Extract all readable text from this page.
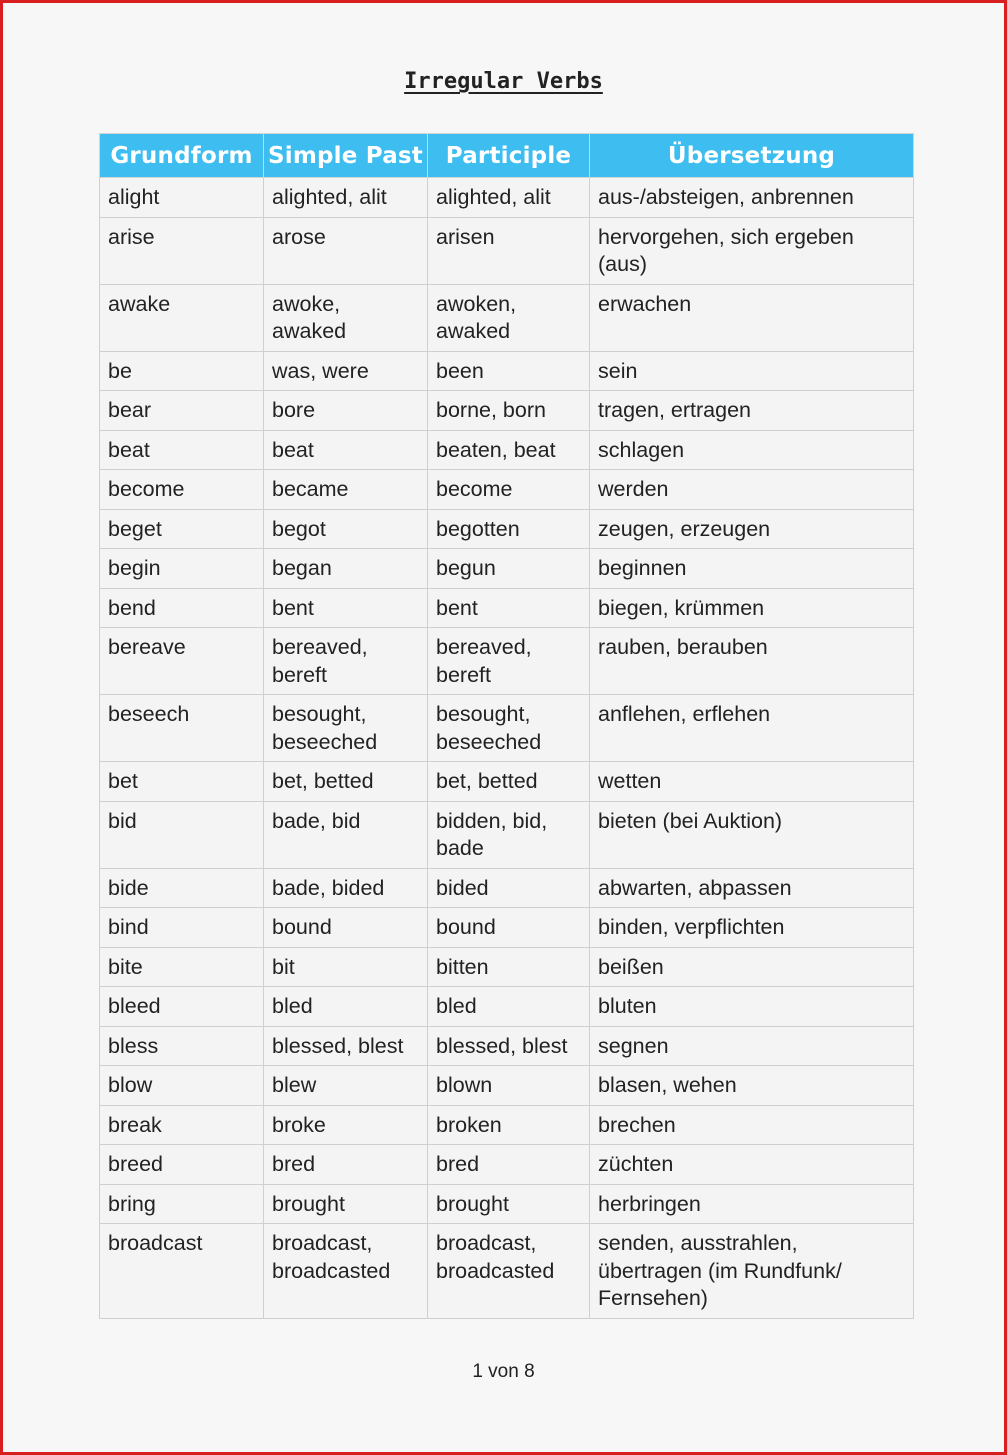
Irregular Verbs
Grundform	Simple Past	Participle	Übersetzung
alight	alighted, alit	alighted, alit	aus-/absteigen, anbrennen
arise	arose	arisen	hervorgehen, sich ergeben (aus)
awake	awoke, awaked	awoken, awaked	erwachen
be	was, were	been	sein
bear	bore	borne, born	tragen, ertragen
beat	beat	beaten, beat	schlagen
become	became	become	werden
beget	begot	begotten	zeugen, erzeugen
begin	began	begun	beginnen
bend	bent	bent	biegen, krümmen
bereave	bereaved, bereft	bereaved, bereft	rauben, berauben
beseech	besought, beseeched	besought, beseeched	anflehen, erflehen
bet	bet, betted	bet, betted	wetten
bid	bade, bid	bidden, bid, bade	bieten (bei Auktion)
bide	bade, bided	bided	abwarten, abpassen
bind	bound	bound	binden, verpflichten
bite	bit	bitten	beißen
bleed	bled	bled	bluten
bless	blessed, blest	blessed, blest	segnen
blow	blew	blown	blasen, wehen
break	broke	broken	brechen
breed	bred	bred	züchten
bring	brought	brought	herbringen
broadcast	broadcast, broadcasted	broadcast, broadcasted	senden, ausstrahlen, übertragen (im Rundfunk/ Fernsehen)
1 von 8
